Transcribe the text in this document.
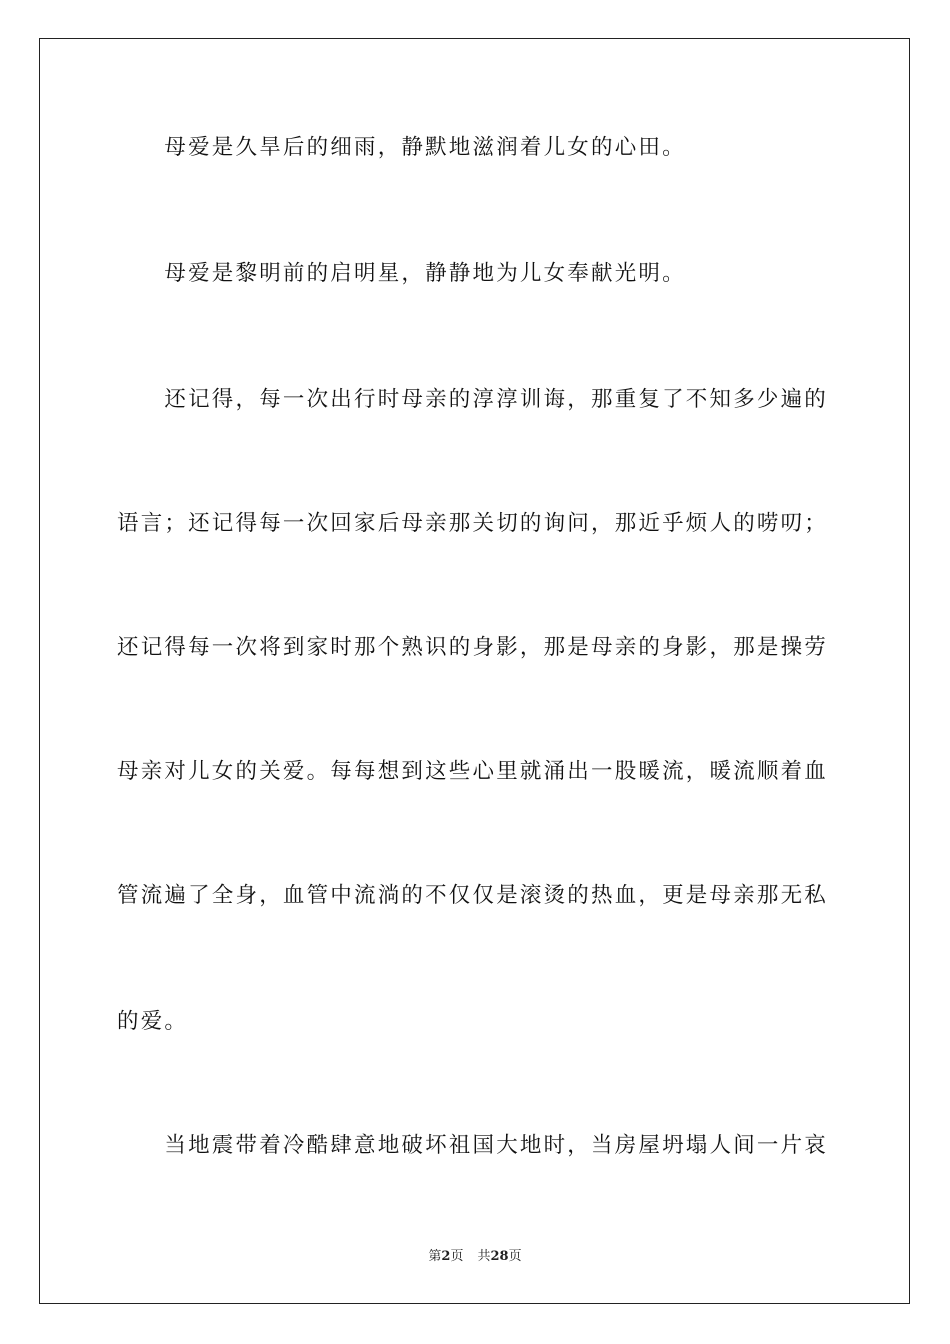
　　母爱是久旱后的细雨，静默地滋润着儿女的心田。
　　母爱是黎明前的启明星，静静地为儿女奉献光明。
　　还记得，每一次出行时母亲的淳淳训诲，那重复了不知多少遍的
语言；还记得每一次回家后母亲那关切的询问，那近乎烦人的唠叨；
还记得每一次将到家时那个熟识的身影，那是母亲的身影，那是操劳
母亲对儿女的关爱。每每想到这些心里就涌出一股暖流，暖流顺着血
管流遍了全身，血管中流淌的不仅仅是滚烫的热血，更是母亲那无私
的爱。
　　当地震带着冷酷肆意地破坏祖国大地时，当房屋坍塌人间一片哀
第2页 共28页
